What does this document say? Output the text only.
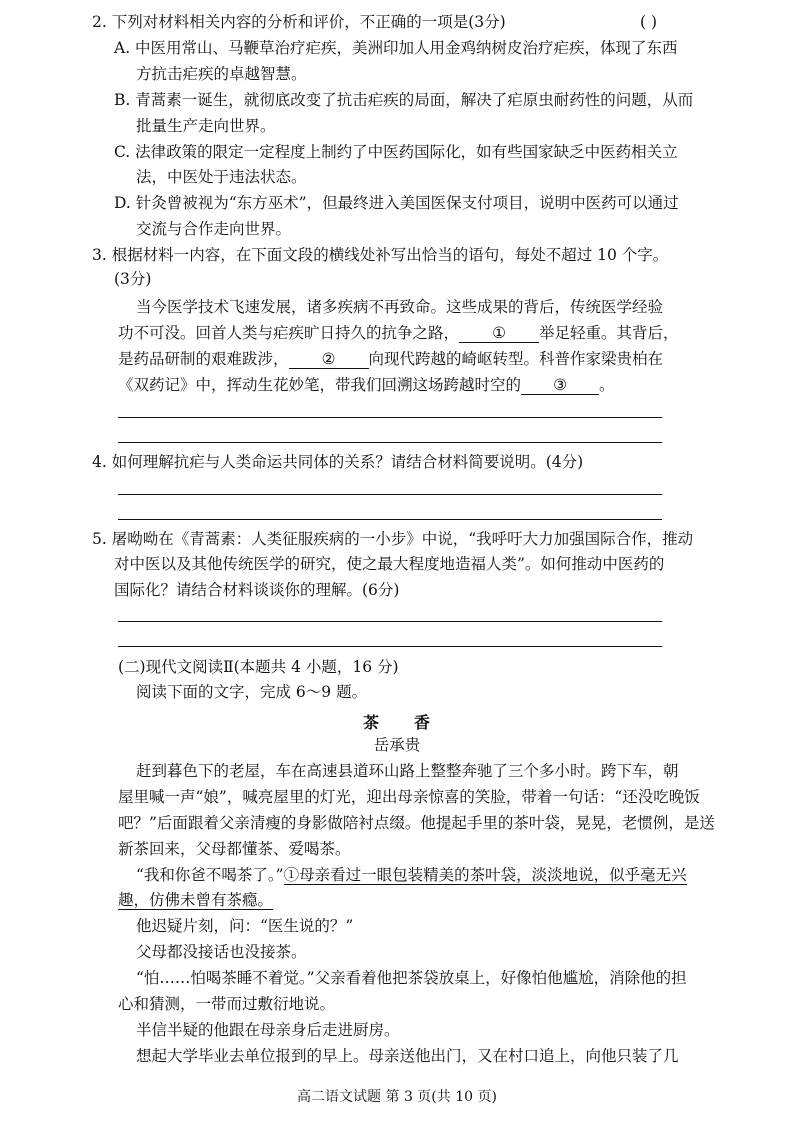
2. 下列对材料相关内容的分析和评价，不正确的一项是(3分)	( )
A. 中医用常山、马鞭草治疗疟疾，美洲印加人用金鸡纳树皮治疗疟疾，体现了东西
方抗击疟疾的卓越智慧。
B. 青蒿素一诞生，就彻底改变了抗击疟疾的局面，解决了疟原虫耐药性的问题，从而
批量生产走向世界。
C. 法律政策的限定一定程度上制约了中医药国际化，如有些国家缺乏中医药相关立
法，中医处于违法状态。
D. 针灸曾被视为“东方巫术”，但最终进入美国医保支付项目，说明中医药可以通过
交流与合作走向世界。
3. 根据材料一内容，在下面文段的横线处补写出恰当的语句，每处不超过 10 个字。
(3分)
当今医学技术飞速发展，诸多疾病不再致命。这些成果的背后，传统医学经验
功不可没。回首人类与疟疾旷日持久的抗争之路， ① 举足轻重。其背后，
是药品研制的艰难跋涉， ② 向现代跨越的崎岖转型。科普作家梁贵柏在
《双药记》中，挥动生花妙笔，带我们回溯这场跨越时空的 ③ 。
4. 如何理解抗疟与人类命运共同体的关系？请结合材料简要说明。(4分)
5. 屠呦呦在《青蒿素：人类征服疾病的一小步》中说，“我呼吁大力加强国际合作，推动
对中医以及其他传统医学的研究，使之最大程度地造福人类”。如何推动中医药的
国际化？请结合材料谈谈你的理解。(6分)
(二)现代文阅读Ⅱ(本题共 4 小题，16 分)
阅读下面的文字，完成 6～9 题。
茶　　香
岳承贵
赶到暮色下的老屋，车在高速县道环山路上整整奔驰了三个多小时。跨下车，朝
屋里喊一声“娘”，喊亮屋里的灯光，迎出母亲惊喜的笑脸，带着一句话：“还没吃晚饭
吧？”后面跟着父亲清瘦的身影做陪衬点缀。他提起手里的茶叶袋，晃晃，老惯例，是送
新茶回来，父母都懂茶、爱喝茶。
“我和你爸不喝茶了。”①母亲看过一眼包装精美的茶叶袋，淡淡地说，似乎毫无兴
趣，仿佛未曾有茶瘾。
他迟疑片刻，问：“医生说的？”
父母都没接话也没接茶。
“怕……怕喝茶睡不着觉。”父亲看着他把茶袋放桌上，好像怕他尴尬，消除他的担
心和猜测，一带而过敷衍地说。
半信半疑的他跟在母亲身后走进厨房。
想起大学毕业去单位报到的早上。母亲送他出门，又在村口追上，向他只装了几
高二语文试题 第 3 页(共 10 页)
